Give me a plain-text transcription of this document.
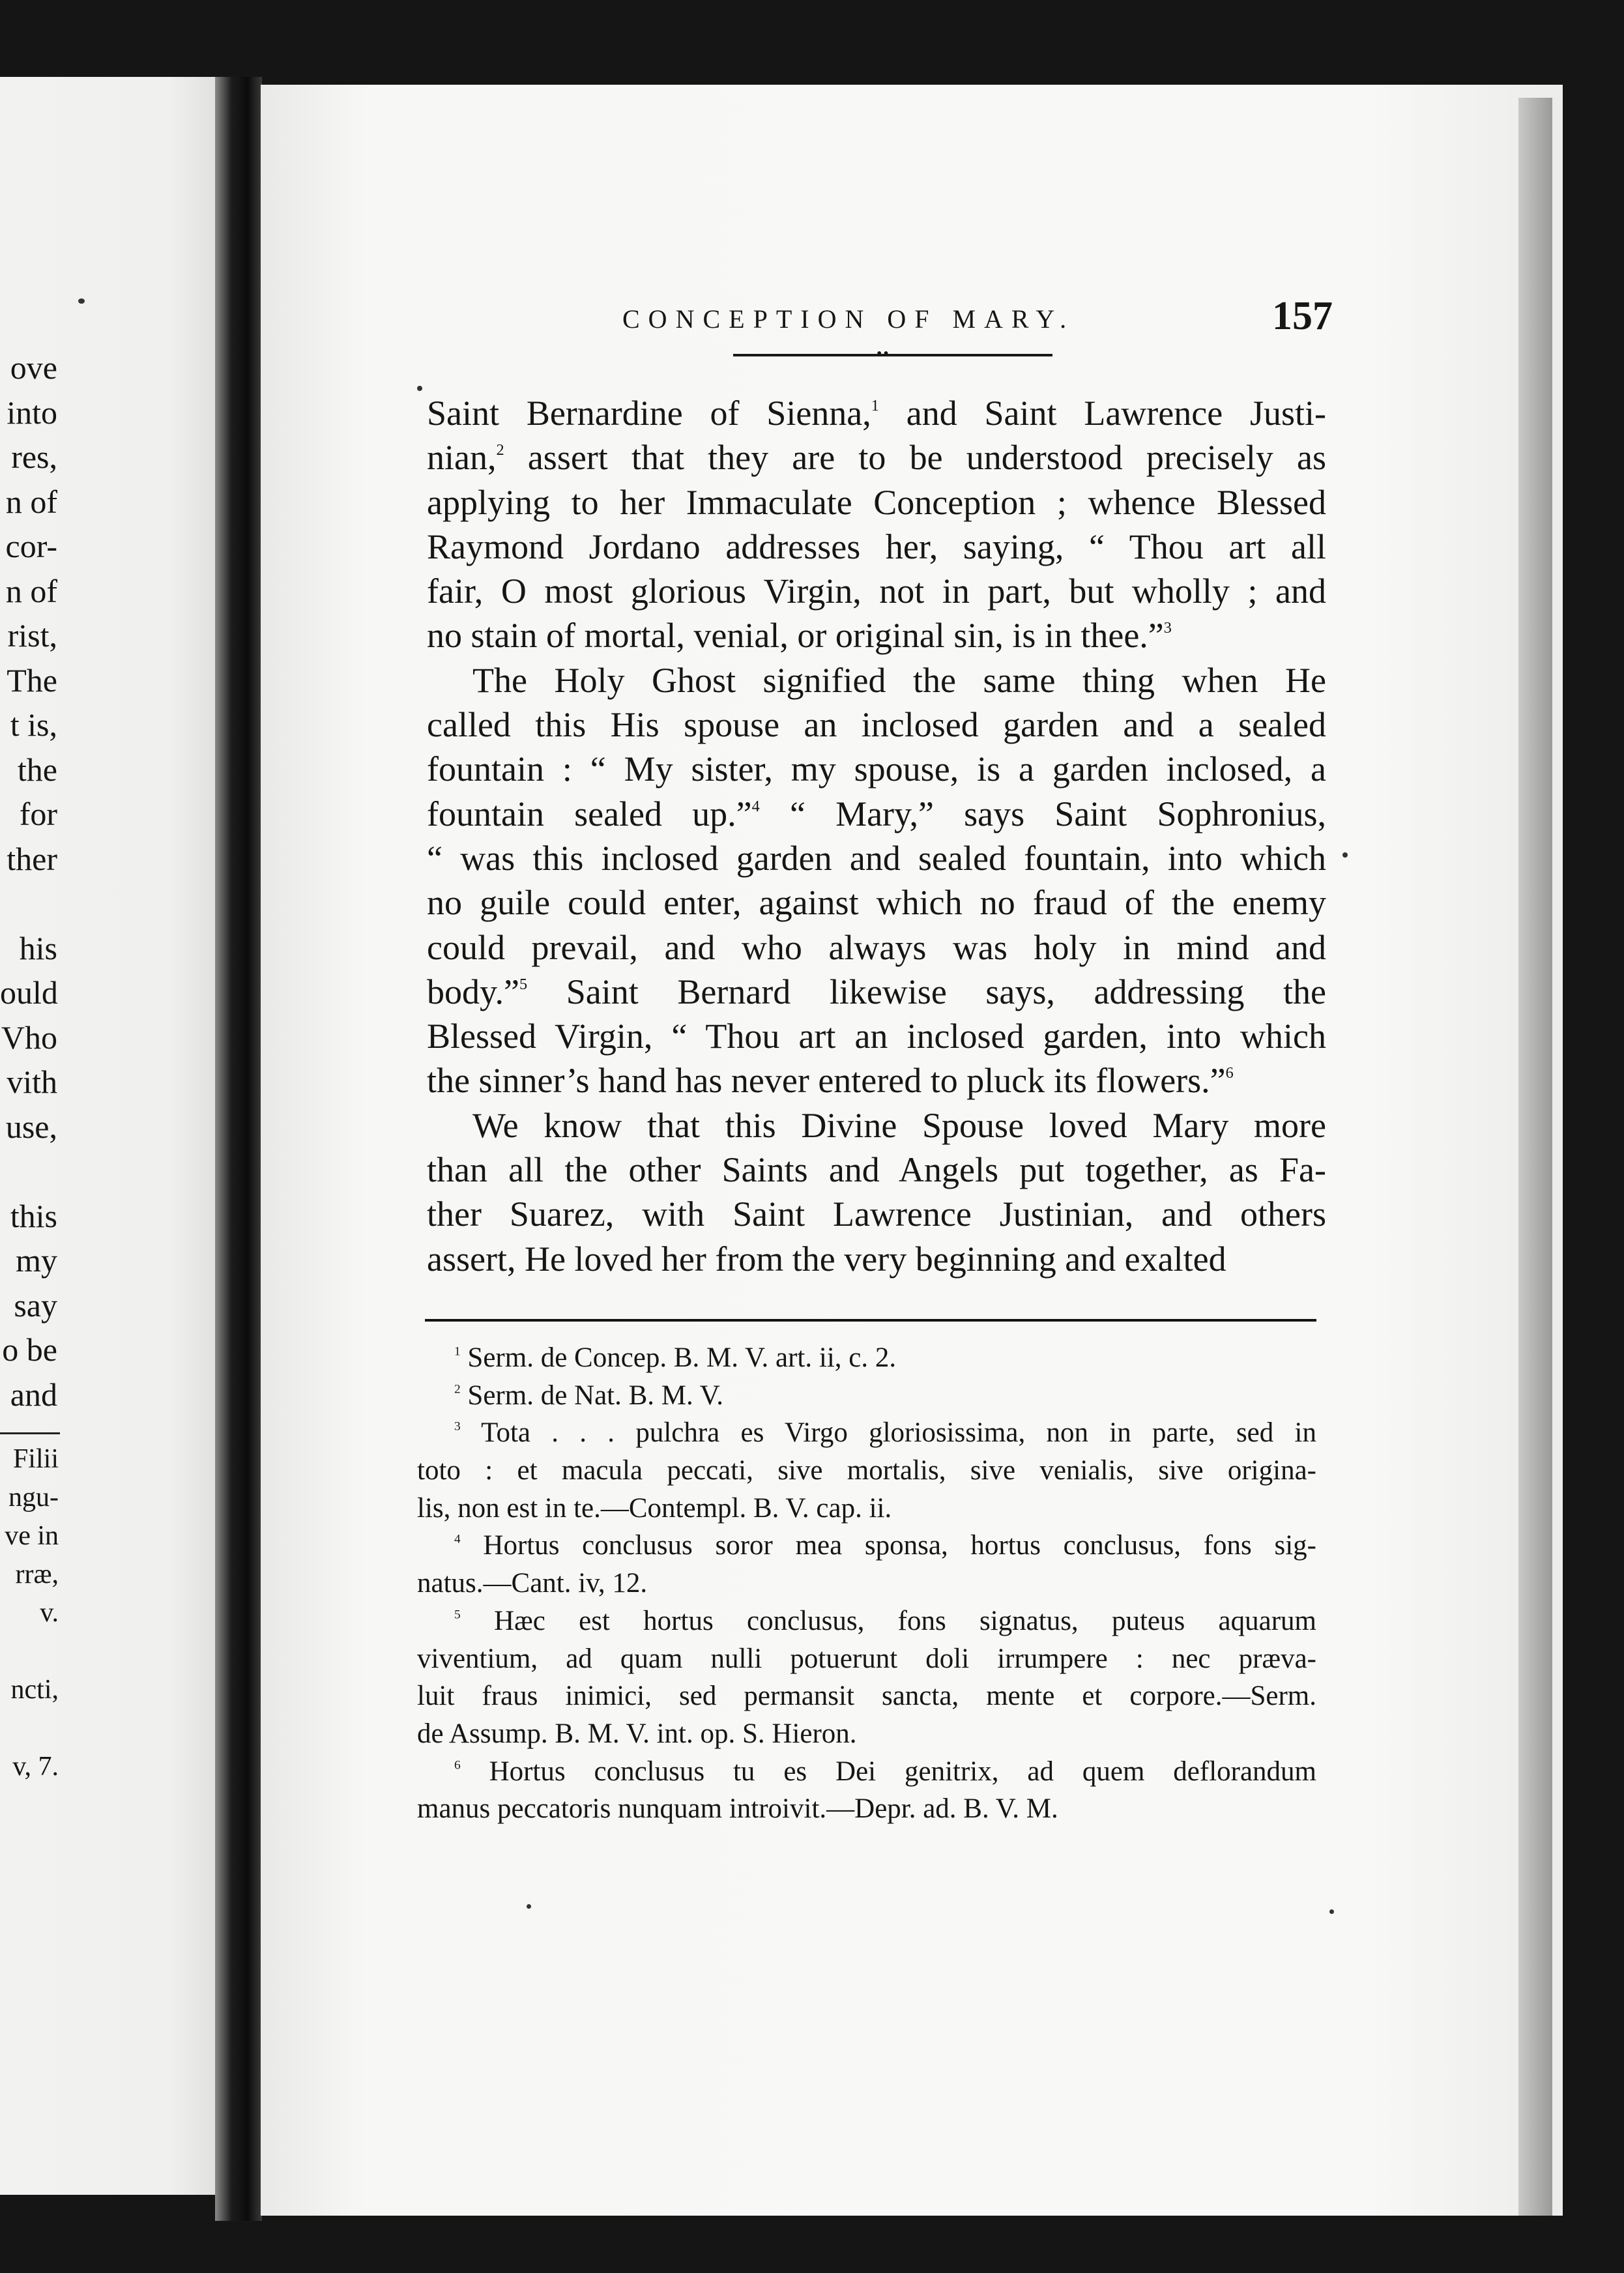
ove
into
res,
n of
cor-
n of
rist,
The
t is,
the
for
ther
his
ould
Vho
vith
use,
this
my
say
o be
and
Filii
ngu-
ve in
rræ,
v.
ncti,
v, 7.
CONCEPTION OF MARY.	157
••
Saint Bernardine of Sienna,$^1$ and Saint Lawrence Justi-
nian,$^2$ assert that they are to be understood precisely as
applying to her Immaculate Conception ; whence Blessed
Raymond Jordano addresses her, saying, “ Thou art all
fair, O most glorious Virgin, not in part, but wholly ; and
no stain of mortal, venial, or original sin, is in thee.”$^3$
The Holy Ghost signified the same thing when He
called this His spouse an inclosed garden and a sealed
fountain : “ My sister, my spouse, is a garden inclosed, a
fountain sealed up.”$^4$ “ Mary,” says Saint Sophronius,
“ was this inclosed garden and sealed fountain, into which
no guile could enter, against which no fraud of the enemy
could prevail, and who always was holy in mind and
body.”$^5$ Saint Bernard likewise says, addressing the
Blessed Virgin, “ Thou art an inclosed garden, into which
the sinner’s hand has never entered to pluck its flowers.”$^6$
We know that this Divine Spouse loved Mary more
than all the other Saints and Angels put together, as Fa-
ther Suarez, with Saint Lawrence Justinian, and others
assert, He loved her from the very beginning and exalted
$^1$ Serm. de Concep. B. M. V. art. ii, c. 2.
$^2$ Serm. de Nat. B. M. V.
$^3$ Tota . . . pulchra es Virgo gloriosissima, non in parte, sed in
toto : et macula peccati, sive mortalis, sive venialis, sive origina-
lis, non est in te.—Contempl. B. V. cap. ii.
$^4$ Hortus conclusus soror mea sponsa, hortus conclusus, fons sig-
natus.—Cant. iv, 12.
$^5$ Hæc est hortus conclusus, fons signatus, puteus aquarum
viventium, ad quam nulli potuerunt doli irrumpere : nec præva-
luit fraus inimici, sed permansit sancta, mente et corpore.—Serm.
de Assump. B. M. V. int. op. S. Hieron.
$^6$ Hortus conclusus tu es Dei genitrix, ad quem deflorandum
manus peccatoris nunquam introivit.—Depr. ad. B. V. M.
